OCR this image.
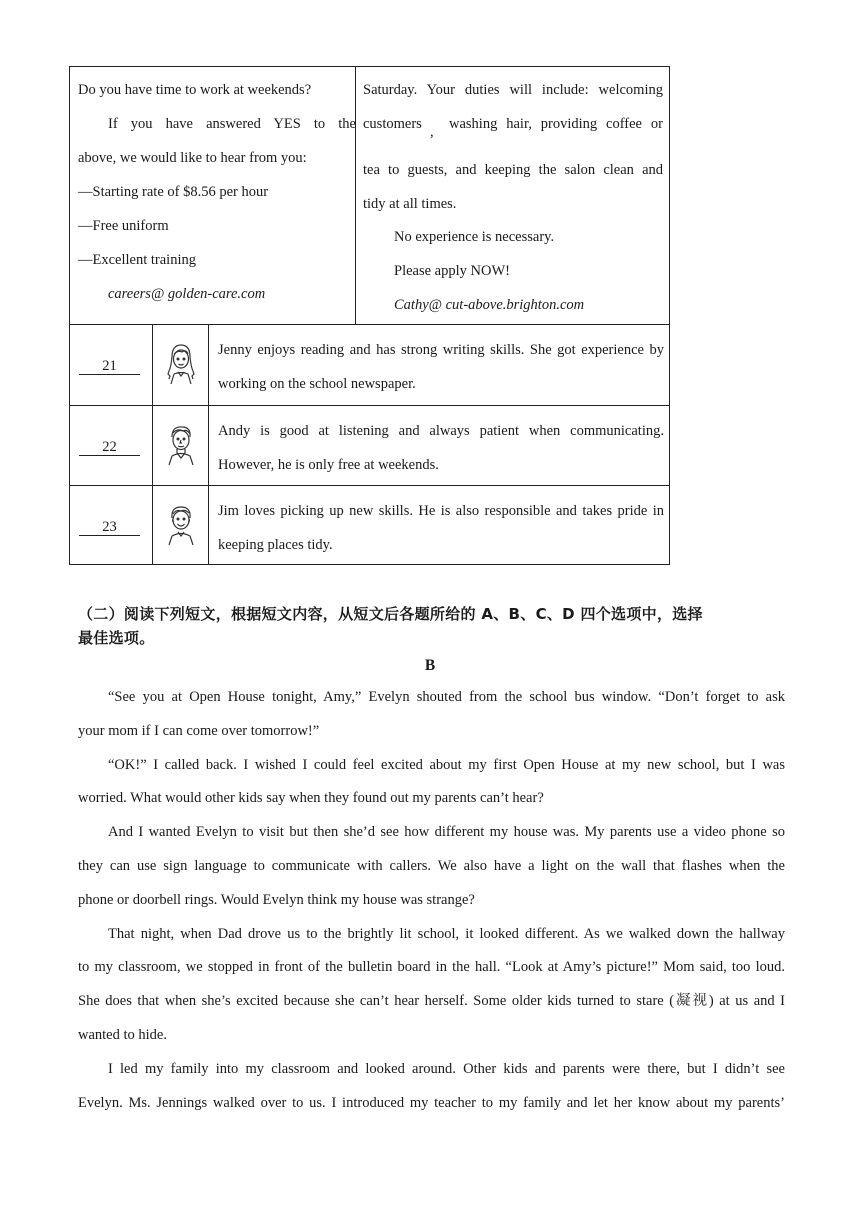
Do you have time to work at weekends?
If you have answered YES to the
above, we would like to hear from you:
—Starting rate of $8.56 per hour
—Free uniform
—Excellent training
careers@ golden-care.com
Saturday. Your duties will include: welcoming
customers , washing hair, providing coffee or
tea to guests, and keeping the salon clean and
tidy at all times.
No experience is necessary.
Please apply NOW!
Cathy@ cut-above.brighton.com
21
Jenny enjoys reading and has strong writing skills. She got experience by
working on the school newspaper.
22
Andy is good at listening and always patient when communicating.
However, he is only free at weekends.
23
Jim loves picking up new skills. He is also responsible and takes pride in
keeping places tidy.
（二）阅读下列短文，根据短文内容，从短文后各题所给的 A、B、C、D 四个选项中，选择
最佳选项。
B
“See you at Open House tonight, Amy,” Evelyn shouted from the school bus window. “Don’t forget to ask
your mom if I can come over tomorrow!”
“OK!” I called back. I wished I could feel excited about my first Open House at my new school, but I was
worried. What would other kids say when they found out my parents can’t hear?
And I wanted Evelyn to visit but then she’d see how different my house was. My parents use a video phone so
they can use sign language to communicate with callers. We also have a light on the wall that flashes when the
phone or doorbell rings. Would Evelyn think my house was strange?
That night, when Dad drove us to the brightly lit school, it looked different. As we walked down the hallway
to my classroom, we stopped in front of the bulletin board in the hall. “Look at Amy’s picture!” Mom said, too loud.
She does that when she’s excited because she can’t hear herself. Some older kids turned to stare (凝视) at us and I
wanted to hide.
I led my family into my classroom and looked around. Other kids and parents were there, but I didn’t see
Evelyn. Ms. Jennings walked over to us. I introduced my teacher to my family and let her know about my parents’
